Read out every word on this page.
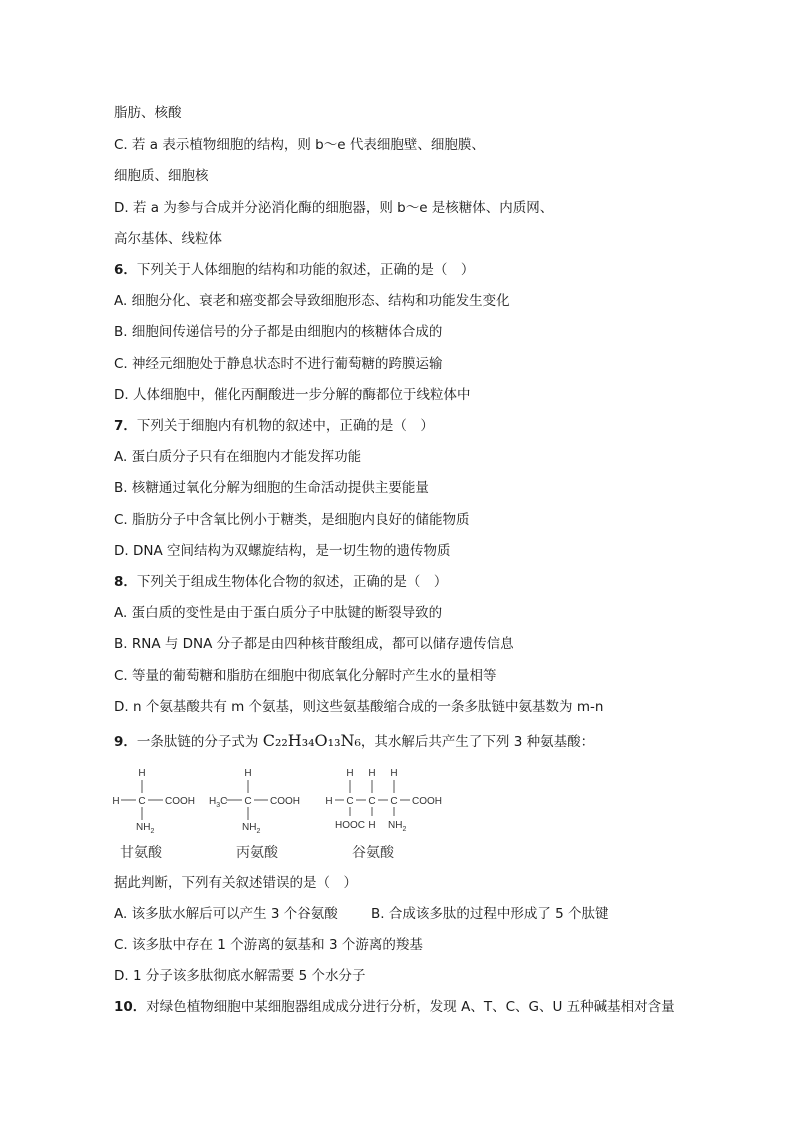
脂肪、核酸
C. 若 a 表示植物细胞的结构，则 b～e 代表细胞壁、细胞膜、
细胞质、细胞核
D. 若 a 为参与合成并分泌消化酶的细胞器，则 b～e 是核糖体、内质网、
高尔基体、线粒体
6．下列关于人体细胞的结构和功能的叙述，正确的是（　）
A. 细胞分化、衰老和癌变都会导致细胞形态、结构和功能发生变化
B. 细胞间传递信号的分子都是由细胞内的核糖体合成的
C. 神经元细胞处于静息状态时不进行葡萄糖的跨膜运输
D. 人体细胞中，催化丙酮酸进一步分解的酶都位于线粒体中
7．下列关于细胞内有机物的叙述中，正确的是（　）
A. 蛋白质分子只有在细胞内才能发挥功能
B. 核糖通过氧化分解为细胞的生命活动提供主要能量
C. 脂肪分子中含氧比例小于糖类，是细胞内良好的储能物质
D. DNA 空间结构为双螺旋结构，是一切生物的遗传物质
8．下列关于组成生物体化合物的叙述，正确的是（　）
A. 蛋白质的变性是由于蛋白质分子中肽键的断裂导致的
B. RNA 与 DNA 分子都是由四种核苷酸组成，都可以储存遗传信息
C. 等量的葡萄糖和脂肪在细胞中彻底氧化分解时产生水的量相等
D. n 个氨基酸共有 m 个氨基，则这些氨基酸缩合成的一条多肽链中氨基数为 m-n
9．一条肽链的分子式为 C₂₂H₃₄O₁₃N₆，其水解后共产生了下列 3 种氨基酸：
H
H C COOH
$NH_2$
H
$H_3C$ C COOH
$NH_2$
H H H
H C C C COOH
HOOC H $NH_2$
甘氨酸	丙氨酸	谷氨酸
据此判断，下列有关叙述错误的是（　）
A. 该多肽水解后可以产生 3 个谷氨酸 B. 合成该多肽的过程中形成了 5 个肽键
C. 该多肽中存在 1 个游离的氨基和 3 个游离的羧基
D. 1 分子该多肽彻底水解需要 5 个水分子
10．对绿色植物细胞中某细胞器组成成分进行分析，发现 A、T、C、G、U 五种碱基相对含量
